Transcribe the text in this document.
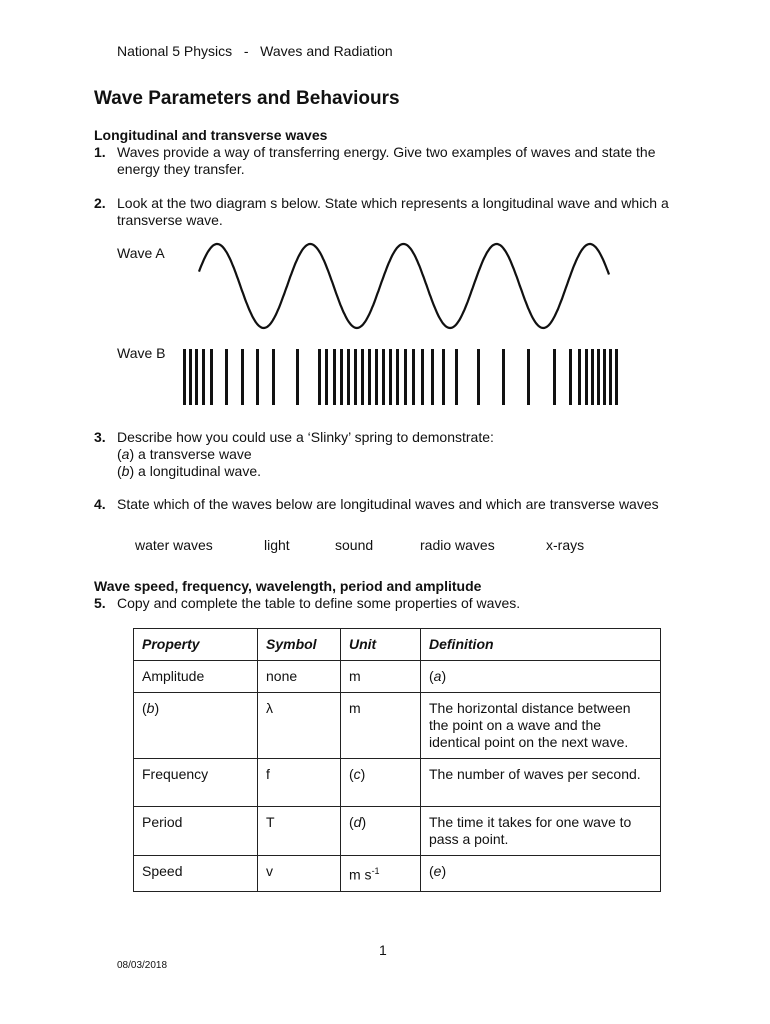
National 5 Physics   -   Waves and Radiation
Wave Parameters and Behaviours
Longitudinal and transverse waves
1. Waves provide a way of transferring energy. Give two examples of waves and state the energy they transfer.
2. Look at the two diagram s below. State which represents a longitudinal wave and which a transverse wave.
Wave A
Wave B
3. Describe how you could use a ‘Slinky’ spring to demonstrate:
(a) a transverse wave
(b) a longitudinal wave.
4. State which of the waves below are longitudinal waves and which are transverse waves
water waves	light	sound	radio waves	x-rays
Wave speed, frequency, wavelength, period and amplitude
5. Copy and complete the table to define some properties of waves.
Property	Symbol	Unit	Definition
Amplitude	none	m	(a)
(b)	λ	m	The horizontal distance between the point on a wave and the identical point on the next wave.
Frequency	f	(c)	The number of waves per second.
Period	T	(d)	The time it takes for one wave to pass a point.
Speed	v	m $s^{-1}$	(e)
1
08/03/2018
